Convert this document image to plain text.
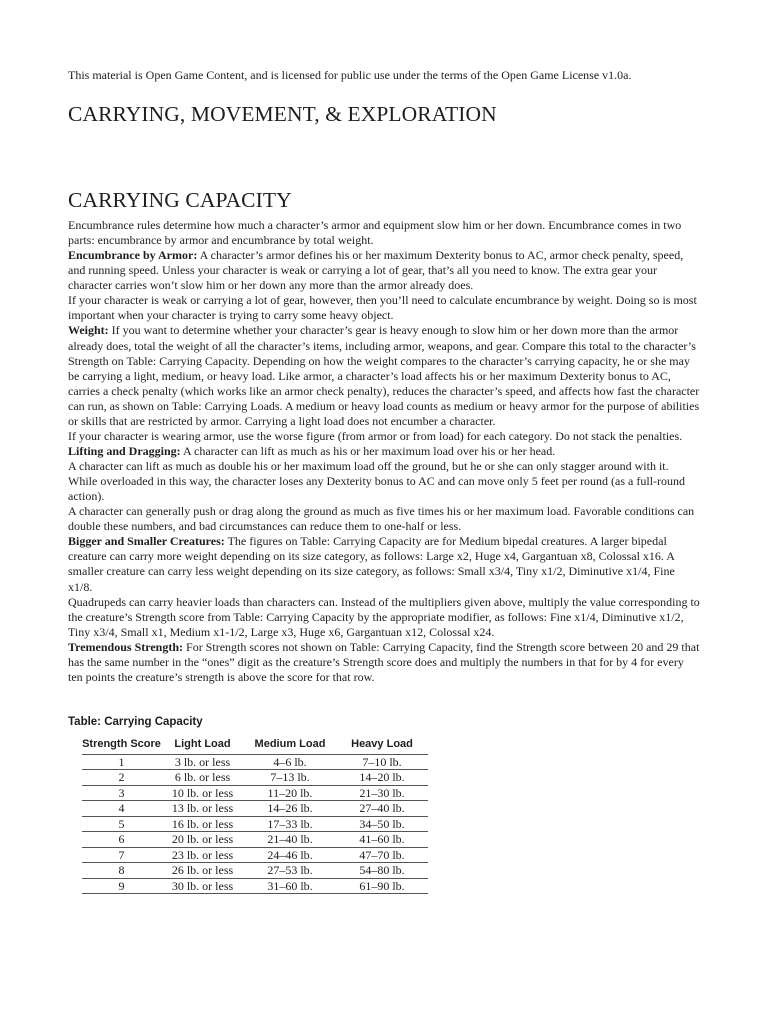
This material is Open Game Content, and is licensed for public use under the terms of the Open Game License v1.0a.

CARRYING, MOVEMENT, & EXPLORATION
CARRYING CAPACITY

Encumbrance rules determine how much a character’s armor and equipment slow him or her down. Encumbrance comes in two parts: encumbrance by armor and encumbrance by total weight.

Encumbrance by Armor: A character’s armor defines his or her maximum Dexterity bonus to AC, armor check penalty, speed, and running speed. Unless your character is weak or carrying a lot of gear, that’s all you need to know. The extra gear your character carries won’t slow him or her down any more than the armor already does.

If your character is weak or carrying a lot of gear, however, then you’ll need to calculate encumbrance by weight. Doing so is most important when your character is trying to carry some heavy object.

Weight: If you want to determine whether your character’s gear is heavy enough to slow him or her down more than the armor already does, total the weight of all the character’s items, including armor, weapons, and gear. Compare this total to the character’s Strength on Table: Carrying Capacity. Depending on how the weight compares to the character’s carrying capacity, he or she may be carrying a light, medium, or heavy load. Like armor, a character’s load affects his or her maximum Dexterity bonus to AC, carries a check penalty (which works like an armor check penalty), reduces the character’s speed, and affects how fast the character can run, as shown on Table: Carrying Loads. A medium or heavy load counts as medium or heavy armor for the purpose of abilities or skills that are restricted by armor. Carrying a light load does not encumber a character.

If your character is wearing armor, use the worse figure (from armor or from load) for each category. Do not stack the penalties.

Lifting and Dragging: A character can lift as much as his or her maximum load over his or her head.

A character can lift as much as double his or her maximum load off the ground, but he or she can only stagger around with it. While overloaded in this way, the character loses any Dexterity bonus to AC and can move only 5 feet per round (as a full-round action).

A character can generally push or drag along the ground as much as five times his or her maximum load. Favorable conditions can double these numbers, and bad circumstances can reduce them to one-half or less.

Bigger and Smaller Creatures: The figures on Table: Carrying Capacity are for Medium bipedal creatures. A larger bipedal creature can carry more weight depending on its size category, as follows: Large x2, Huge x4, Gargantuan x8, Colossal x16. A smaller creature can carry less weight depending on its size category, as follows: Small x3/4, Tiny x1/2, Diminutive x1/4, Fine x1/8.

Quadrupeds can carry heavier loads than characters can. Instead of the multipliers given above, multiply the value corresponding to the creature’s Strength score from Table: Carrying Capacity by the appropriate modifier, as follows: Fine x1/4, Diminutive x1/2, Tiny x3/4, Small x1, Medium x1-1/2, Large x3, Huge x6, Gargantuan x12, Colossal x24.

Tremendous Strength: For Strength scores not shown on Table: Carrying Capacity, find the Strength score between 20 and 29 that has the same number in the “ones” digit as the creature’s Strength score does and multiply the numbers in that for by 4 for every ten points the creature’s strength is above the score for that row.

Table: Carrying Capacity

Strength Score	Light Load	Medium Load	Heavy Load
1	3 lb. or less	4–6 lb.	7–10 lb.
2	6 lb. or less	7–13 lb.	14–20 lb.
3	10 lb. or less	11–20 lb.	21–30 lb.
4	13 lb. or less	14–26 lb.	27–40 lb.
5	16 lb. or less	17–33 lb.	34–50 lb.
6	20 lb. or less	21–40 lb.	41–60 lb.
7	23 lb. or less	24–46 lb.	47–70 lb.
8	26 lb. or less	27–53 lb.	54–80 lb.
9	30 lb. or less	31–60 lb.	61–90 lb.
